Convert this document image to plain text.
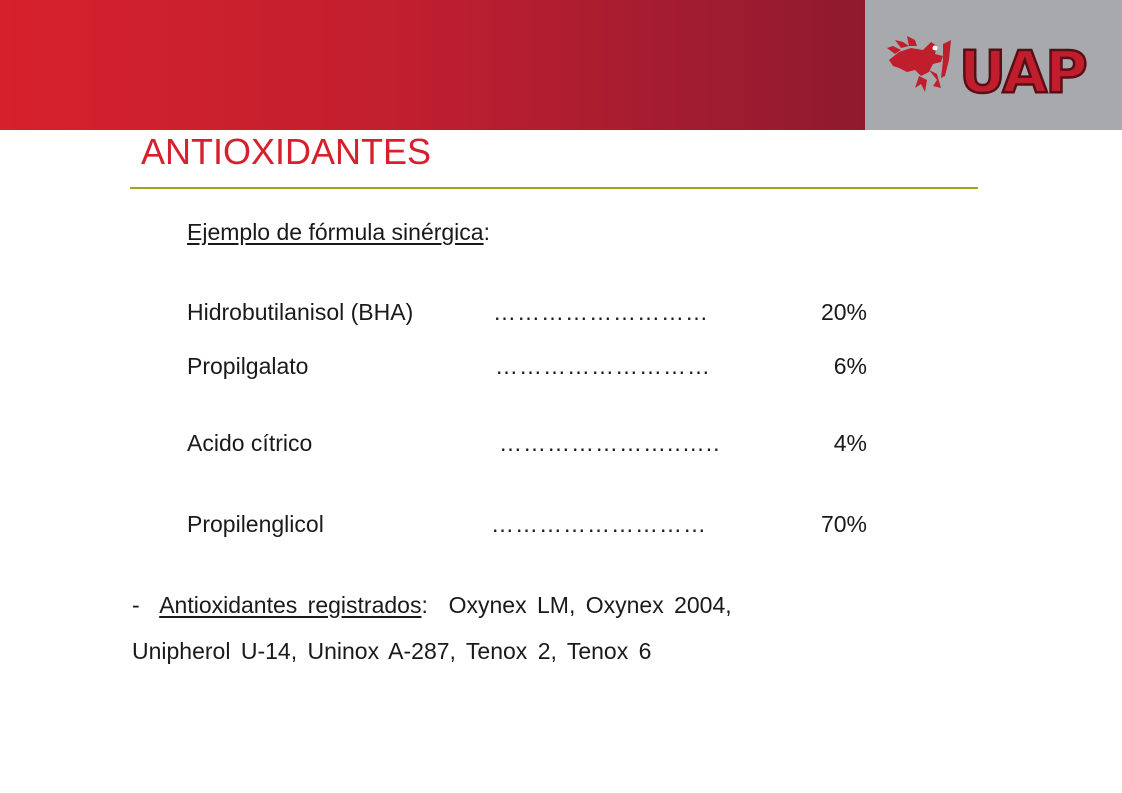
UAP
ANTIOXIDANTES
Ejemplo de fórmula sinérgica:
Hidrobutilanisol (BHA)	………………………	20%
Propilgalato	………………………	6%
Acido cítrico	…………………..…..	4%
Propilenglicol	………………………	70%
- Antioxidantes registrados: Oxynex LM, Oxynex 2004,
Unipherol U-14, Uninox A-287, Tenox 2, Tenox 6
